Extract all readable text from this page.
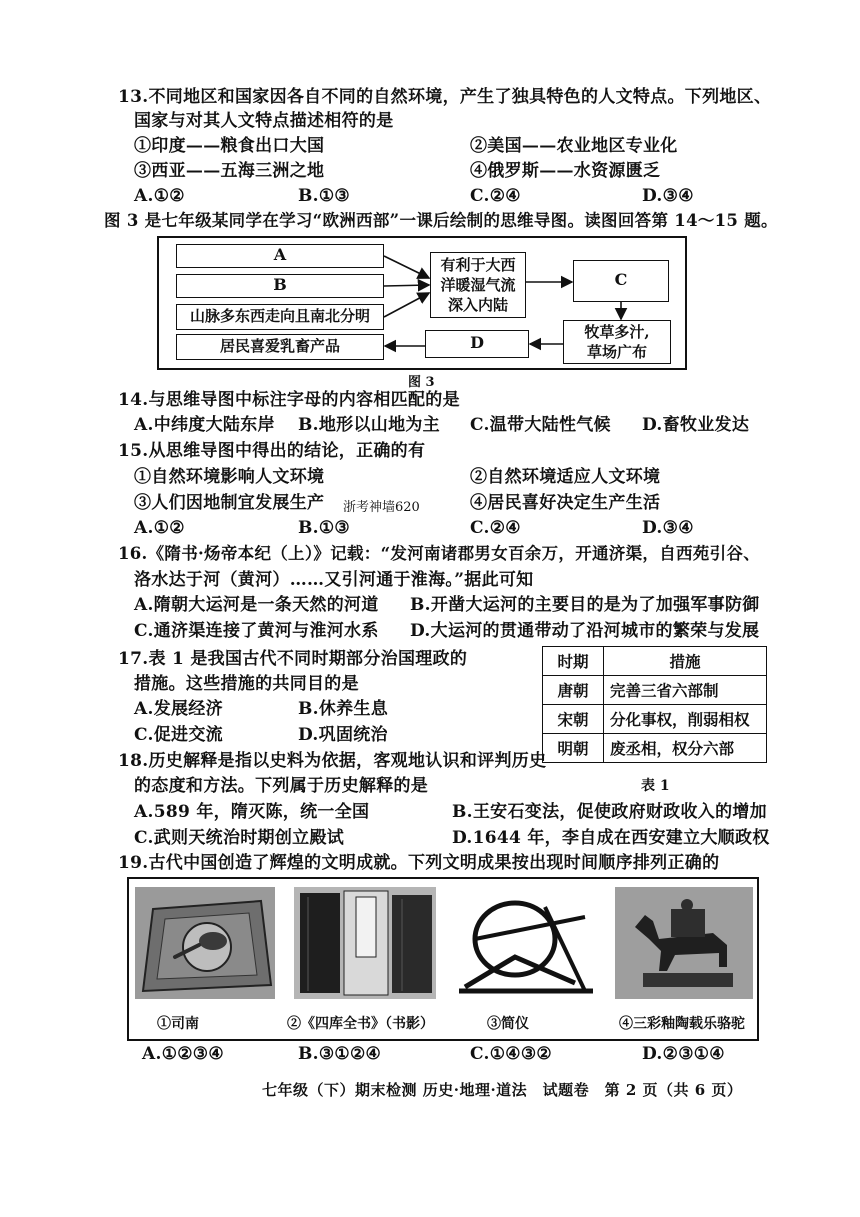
13.不同地区和国家因各自不同的自然环境，产生了独具特色的人文特点。下列地区、
国家与对其人文特点描述相符的是
①印度——粮食出口大国	②美国——农业地区专业化
③西亚——五海三洲之地	④俄罗斯——水资源匮乏
A.①②	B.①③	C.②④	D.③④
图 3 是七年级某同学在学习“欧洲西部”一课后绘制的思维导图。读图回答第 14～15 题。
A
B
山脉多东西走向且南北分明
有利于大西
洋暖湿气流
深入内陆
C
牧草多汁,
草场广布
D
居民喜爱乳畜产品
图 3
14.与思维导图中标注字母的内容相匹配的是
A.中纬度大陆东岸 B.地形以山地为主 C.温带大陆性气候 D.畜牧业发达
15.从思维导图中得出的结论，正确的有
①自然环境影响人文环境	②自然环境适应人文环境
③人们因地制宜发展生产 浙考神墙620	④居民喜好决定生产生活
A.①②	B.①③	C.②④	D.③④
16.《隋书·炀帝本纪（上）》记载：“发河南诸郡男女百余万，开通济渠，自西苑引谷、
洛水达于河（黄河）……又引河通于淮海。”据此可知
A.隋朝大运河是一条天然的河道 B.开凿大运河的主要目的是为了加强军事防御
C.通济渠连接了黄河与淮河水系 D.大运河的贯通带动了沿河城市的繁荣与发展
17.表 1 是我国古代不同时期部分治国理政的
措施。这些措施的共同目的是
A.发展经济	B.休养生息
C.促进交流	D.巩固统治
时期	措施
唐朝	完善三省六部制
宋朝	分化事权，削弱相权
明朝	废丞相，权分六部
表 1
18.历史解释是指以史料为依据，客观地认识和评判历史
的态度和方法。下列属于历史解释的是
A.589 年，隋灭陈，统一全国	B.王安石变法，促使政府财政收入的增加
C.武则天统治时期创立殿试	D.1644 年，李自成在西安建立大顺政权
19.古代中国创造了辉煌的文明成就。下列文明成果按出现时间顺序排列正确的
①司南	②《四库全书》（书影）	③简仪	④三彩釉陶载乐骆驼
A.①②③④	B.③①②④	C.①④③②	D.②③①④
七年级（下）期末检测 历史·地理·道法　试题卷　第 2 页（共 6 页）
